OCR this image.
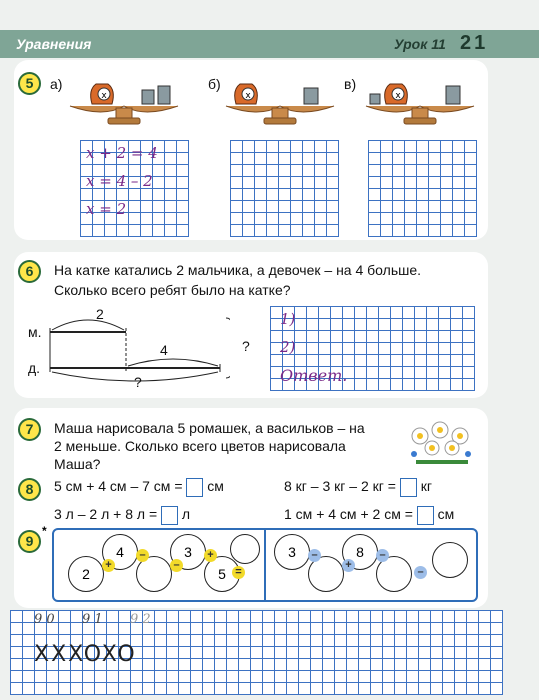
Уравнения	Урок 11 21
5	а)	б)	в)
x	x	x
x + 2 = 4
x = 4 – 2
x = 2
6	На катке катались 2 мальчика, а девочек – на 4 больше.
Сколько всего ребят было на катке?
м.
д.
2
4	?
?
1)
2)
Ответ.
7	Маша нарисовала 5 ромашек, а васильков – на
2 меньше. Сколько всего цветов нарисовала
Маша?
8	5 см + 4 см – 7 см = см	8 кг – 3 кг – 2 кг = кг
3 л – 2 л + 8 л = л	1 см + 4 см + 2 см = см
9
*
2
4	3
5
+
–
–
+
=
3	8
–
+
–
–
9 0 9 1 9 2
XXXOXO
